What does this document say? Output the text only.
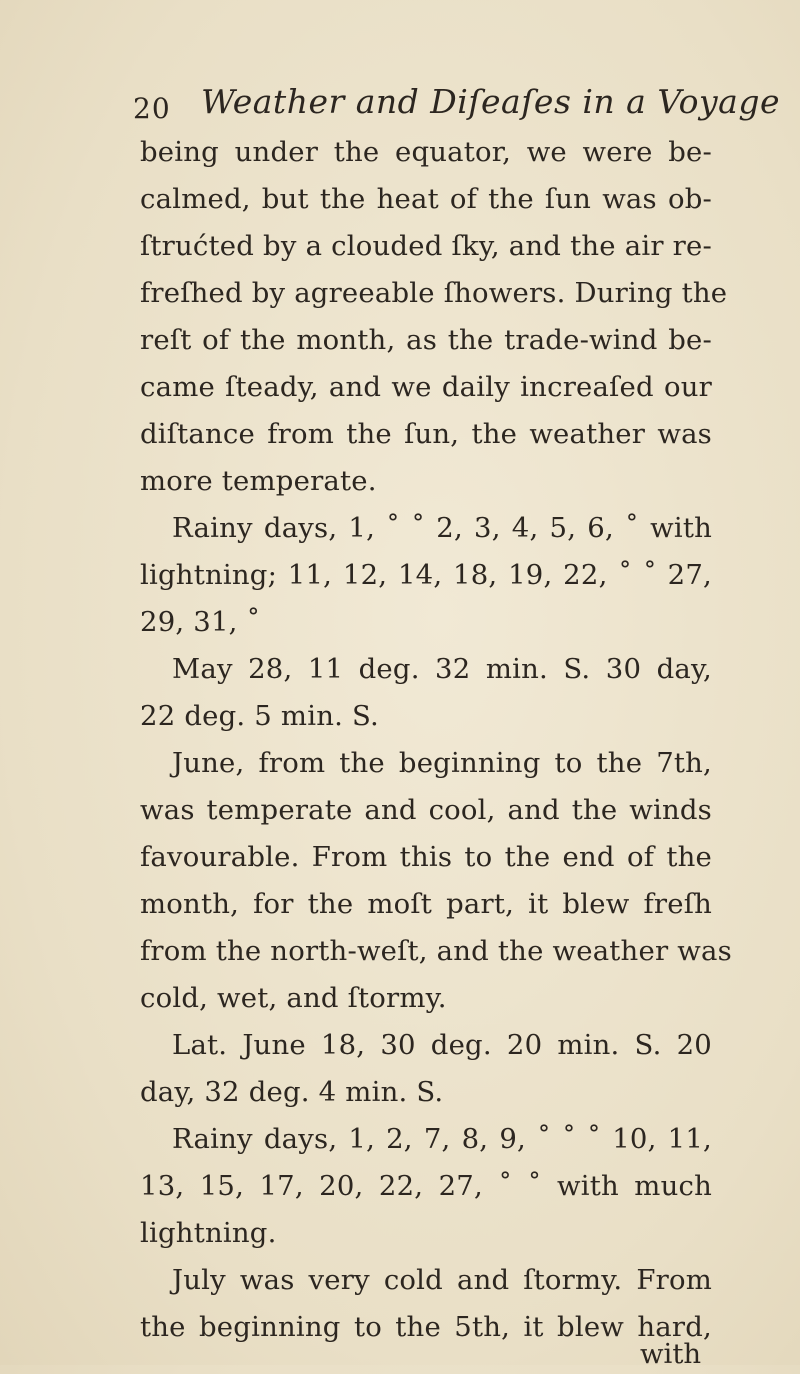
20 Weather and Diſeaſes in a Voyage
being under the equator, we were be-
calmed, but the heat of the ſun was ob-
ſtrućted by a clouded ſky, and the air re-
freſhed by agreeable ſhowers. During the
reſt of the month, as the trade-wind be-
came ſteady, and we daily increaſed our
diſtance from the ſun, the weather was
more temperate.
Rainy days, 1, ˚ ˚ 2, 3, 4, 5, 6, ˚ with
lightning; 11, 12, 14, 18, 19, 22, ˚ ˚ 27,
29, 31, ˚
May 28, 11 deg. 32 min. S. 30 day,
22 deg. 5 min. S.
June, from the beginning to the 7th,
was temperate and cool, and the winds
favourable. From this to the end of the
month, for the moſt part, it blew freſh
from the north-weſt, and the weather was
cold, wet, and ſtormy.
Lat. June 18, 30 deg. 20 min. S. 20
day, 32 deg. 4 min. S.
Rainy days, 1, 2, 7, 8, 9, ˚ ˚ ˚ 10, 11,
13, 15, 17, 20, 22, 27, ˚ ˚ with much
lightning.
July was very cold and ſtormy. From
the beginning to the 5th, it blew hard,
with
